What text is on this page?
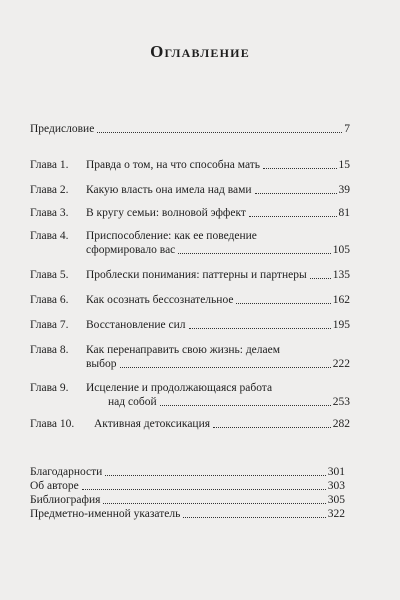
Оглавление
Предисловие	7
Глава 1. Правда о том, на что способна мать	15
Глава 2. Какую власть она имела над вами	39
Глава 3. В кругу семьи: волновой эффект	81
Глава 4. Приспособление: как ее поведение
сформировало вас	105
Глава 5. Проблески понимания: паттерны и партнеры 135
Глава 6. Как осознать бессознательное	162
Глава 7. Восстановление сил	195
Глава 8. Как перенаправить свою жизнь: делаем
выбор	222
Глава 9. Исцеление и продолжающаяся работа
над собой	253
Глава 10. Активная детоксикация	282
Благодарности	301
Об авторе	303
Библиография	305
Предметно-именной указатель	322
